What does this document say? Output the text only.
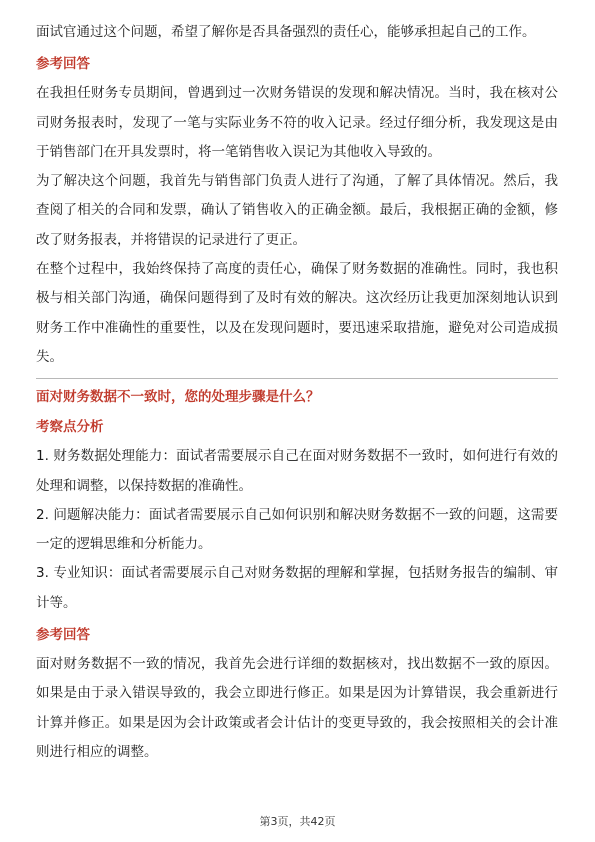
面试官通过这个问题，希望了解你是否具备强烈的责任心，能够承担起自己的工作。

参考回答

在我担任财务专员期间，曾遇到过一次财务错误的发现和解决情况。当时，我在核对公司财务报表时，发现了一笔与实际业务不符的收入记录。经过仔细分析，我发现这是由于销售部门在开具发票时，将一笔销售收入误记为其他收入导致的。

为了解决这个问题，我首先与销售部门负责人进行了沟通，了解了具体情况。然后，我查阅了相关的合同和发票，确认了销售收入的正确金额。最后，我根据正确的金额，修改了财务报表，并将错误的记录进行了更正。

在整个过程中，我始终保持了高度的责任心，确保了财务数据的准确性。同时，我也积极与相关部门沟通，确保问题得到了及时有效的解决。这次经历让我更加深刻地认识到财务工作中准确性的重要性，以及在发现问题时，要迅速采取措施，避免对公司造成损失。

面对财务数据不一致时，您的处理步骤是什么？

考察点分析

1. 财务数据处理能力：面试者需要展示自己在面对财务数据不一致时，如何进行有效的处理和调整，以保持数据的准确性。

2. 问题解决能力：面试者需要展示自己如何识别和解决财务数据不一致的问题，这需要一定的逻辑思维和分析能力。

3. 专业知识：面试者需要展示自己对财务数据的理解和掌握，包括财务报告的编制、审计等。

参考回答

面对财务数据不一致的情况，我首先会进行详细的数据核对，找出数据不一致的原因。如果是由于录入错误导致的，我会立即进行修正。如果是因为计算错误，我会重新进行计算并修正。如果是因为会计政策或者会计估计的变更导致的，我会按照相关的会计准则进行相应的调整。

第3页，共42页
